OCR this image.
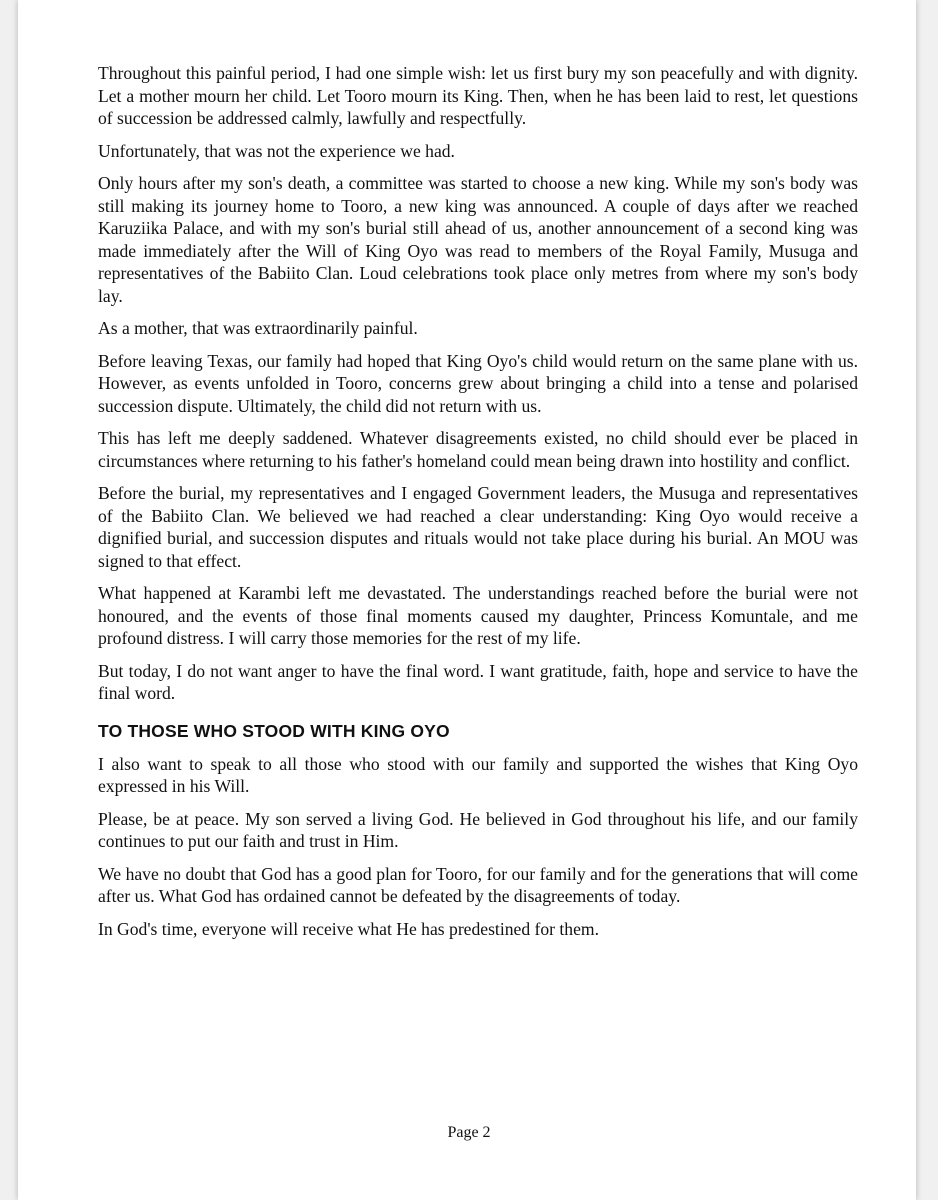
Throughout this painful period, I had one simple wish: let us first bury my son peacefully and with dignity. Let a mother mourn her child. Let Tooro mourn its King. Then, when he has been laid to rest, let questions of succession be addressed calmly, lawfully and respectfully.

Unfortunately, that was not the experience we had.

Only hours after my son's death, a committee was started to choose a new king. While my son's body was still making its journey home to Tooro, a new king was announced. A couple of days after we reached Karuziika Palace, and with my son's burial still ahead of us, another announcement of a second king was made immediately after the Will of King Oyo was read to members of the Royal Family, Musuga and representatives of the Babiito Clan. Loud celebrations took place only metres from where my son's body lay.

As a mother, that was extraordinarily painful.

Before leaving Texas, our family had hoped that King Oyo's child would return on the same plane with us. However, as events unfolded in Tooro, concerns grew about bringing a child into a tense and polarised succession dispute. Ultimately, the child did not return with us.

This has left me deeply saddened. Whatever disagreements existed, no child should ever be placed in circumstances where returning to his father's homeland could mean being drawn into hostility and conflict.

Before the burial, my representatives and I engaged Government leaders, the Musuga and representatives of the Babiito Clan. We believed we had reached a clear understanding: King Oyo would receive a dignified burial, and succession disputes and rituals would not take place during his burial. An MOU was signed to that effect.

What happened at Karambi left me devastated. The understandings reached before the burial were not honoured, and the events of those final moments caused my daughter, Princess Komuntale, and me profound distress. I will carry those memories for the rest of my life.

But today, I do not want anger to have the final word. I want gratitude, faith, hope and service to have the final word.

TO THOSE WHO STOOD WITH KING OYO

I also want to speak to all those who stood with our family and supported the wishes that King Oyo expressed in his Will.

Please, be at peace. My son served a living God. He believed in God throughout his life, and our family continues to put our faith and trust in Him.

We have no doubt that God has a good plan for Tooro, for our family and for the generations that will come after us. What God has ordained cannot be defeated by the disagreements of today.

In God's time, everyone will receive what He has predestined for them.

Page 2
